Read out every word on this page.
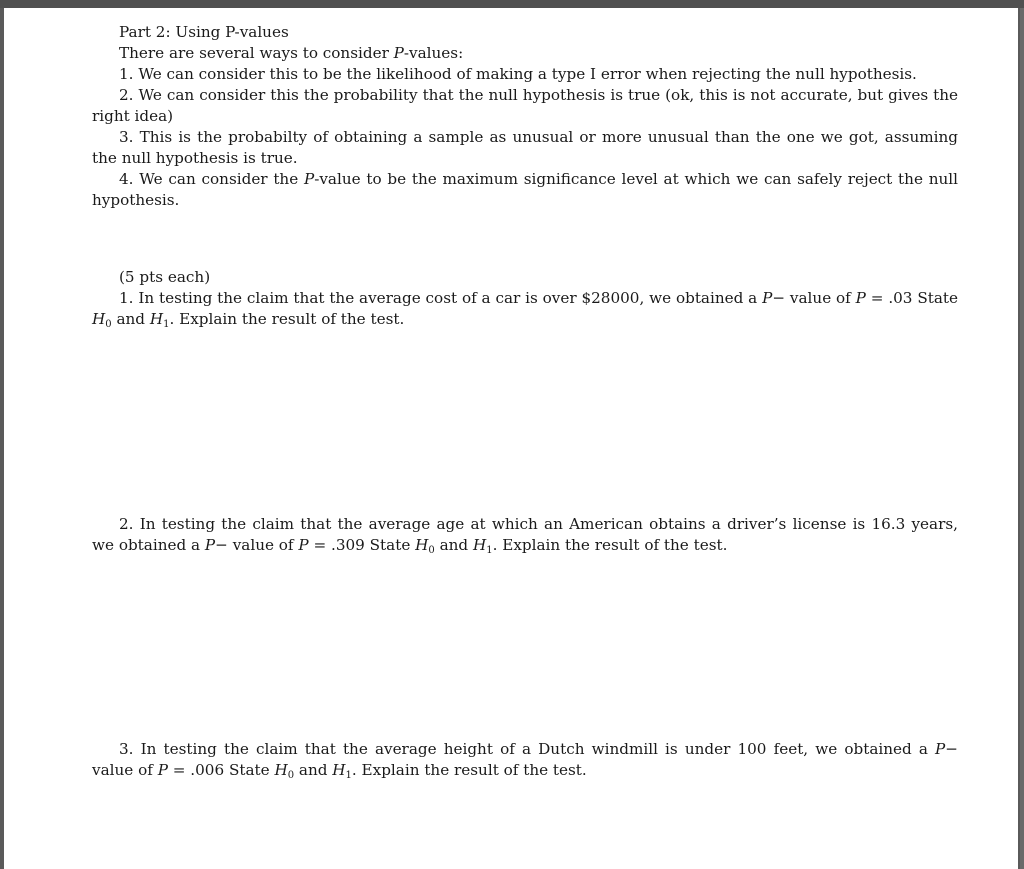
Part 2: Using P-values

There are several ways to consider P-values:

1. We can consider this to be the likelihood of making a type I error when rejecting the null hypothesis.

2. We can consider this the probability that the null hypothesis is true (ok, this is not accurate, but gives the right idea)

3. This is the probabilty of obtaining a sample as unusual or more unusual than the one we got, assuming the null hypothesis is true.

4. We can consider the P-value to be the maximum significance level at which we can safely reject the null hypothesis.

(5 pts each)

1. In testing the claim that the average cost of a car is over $28000, we obtained a P− value of P = .03 State $H_0$ and $H_1$. Explain the result of the test.

2. In testing the claim that the average age at which an American obtains a driver’s license is 16.3 years, we obtained a P− value of P = .309 State $H_0$ and $H_1$. Explain the result of the test.

3. In testing the claim that the average height of a Dutch windmill is under 100 feet, we obtained a P− value of P = .006 State $H_0$ and $H_1$. Explain the result of the test.
